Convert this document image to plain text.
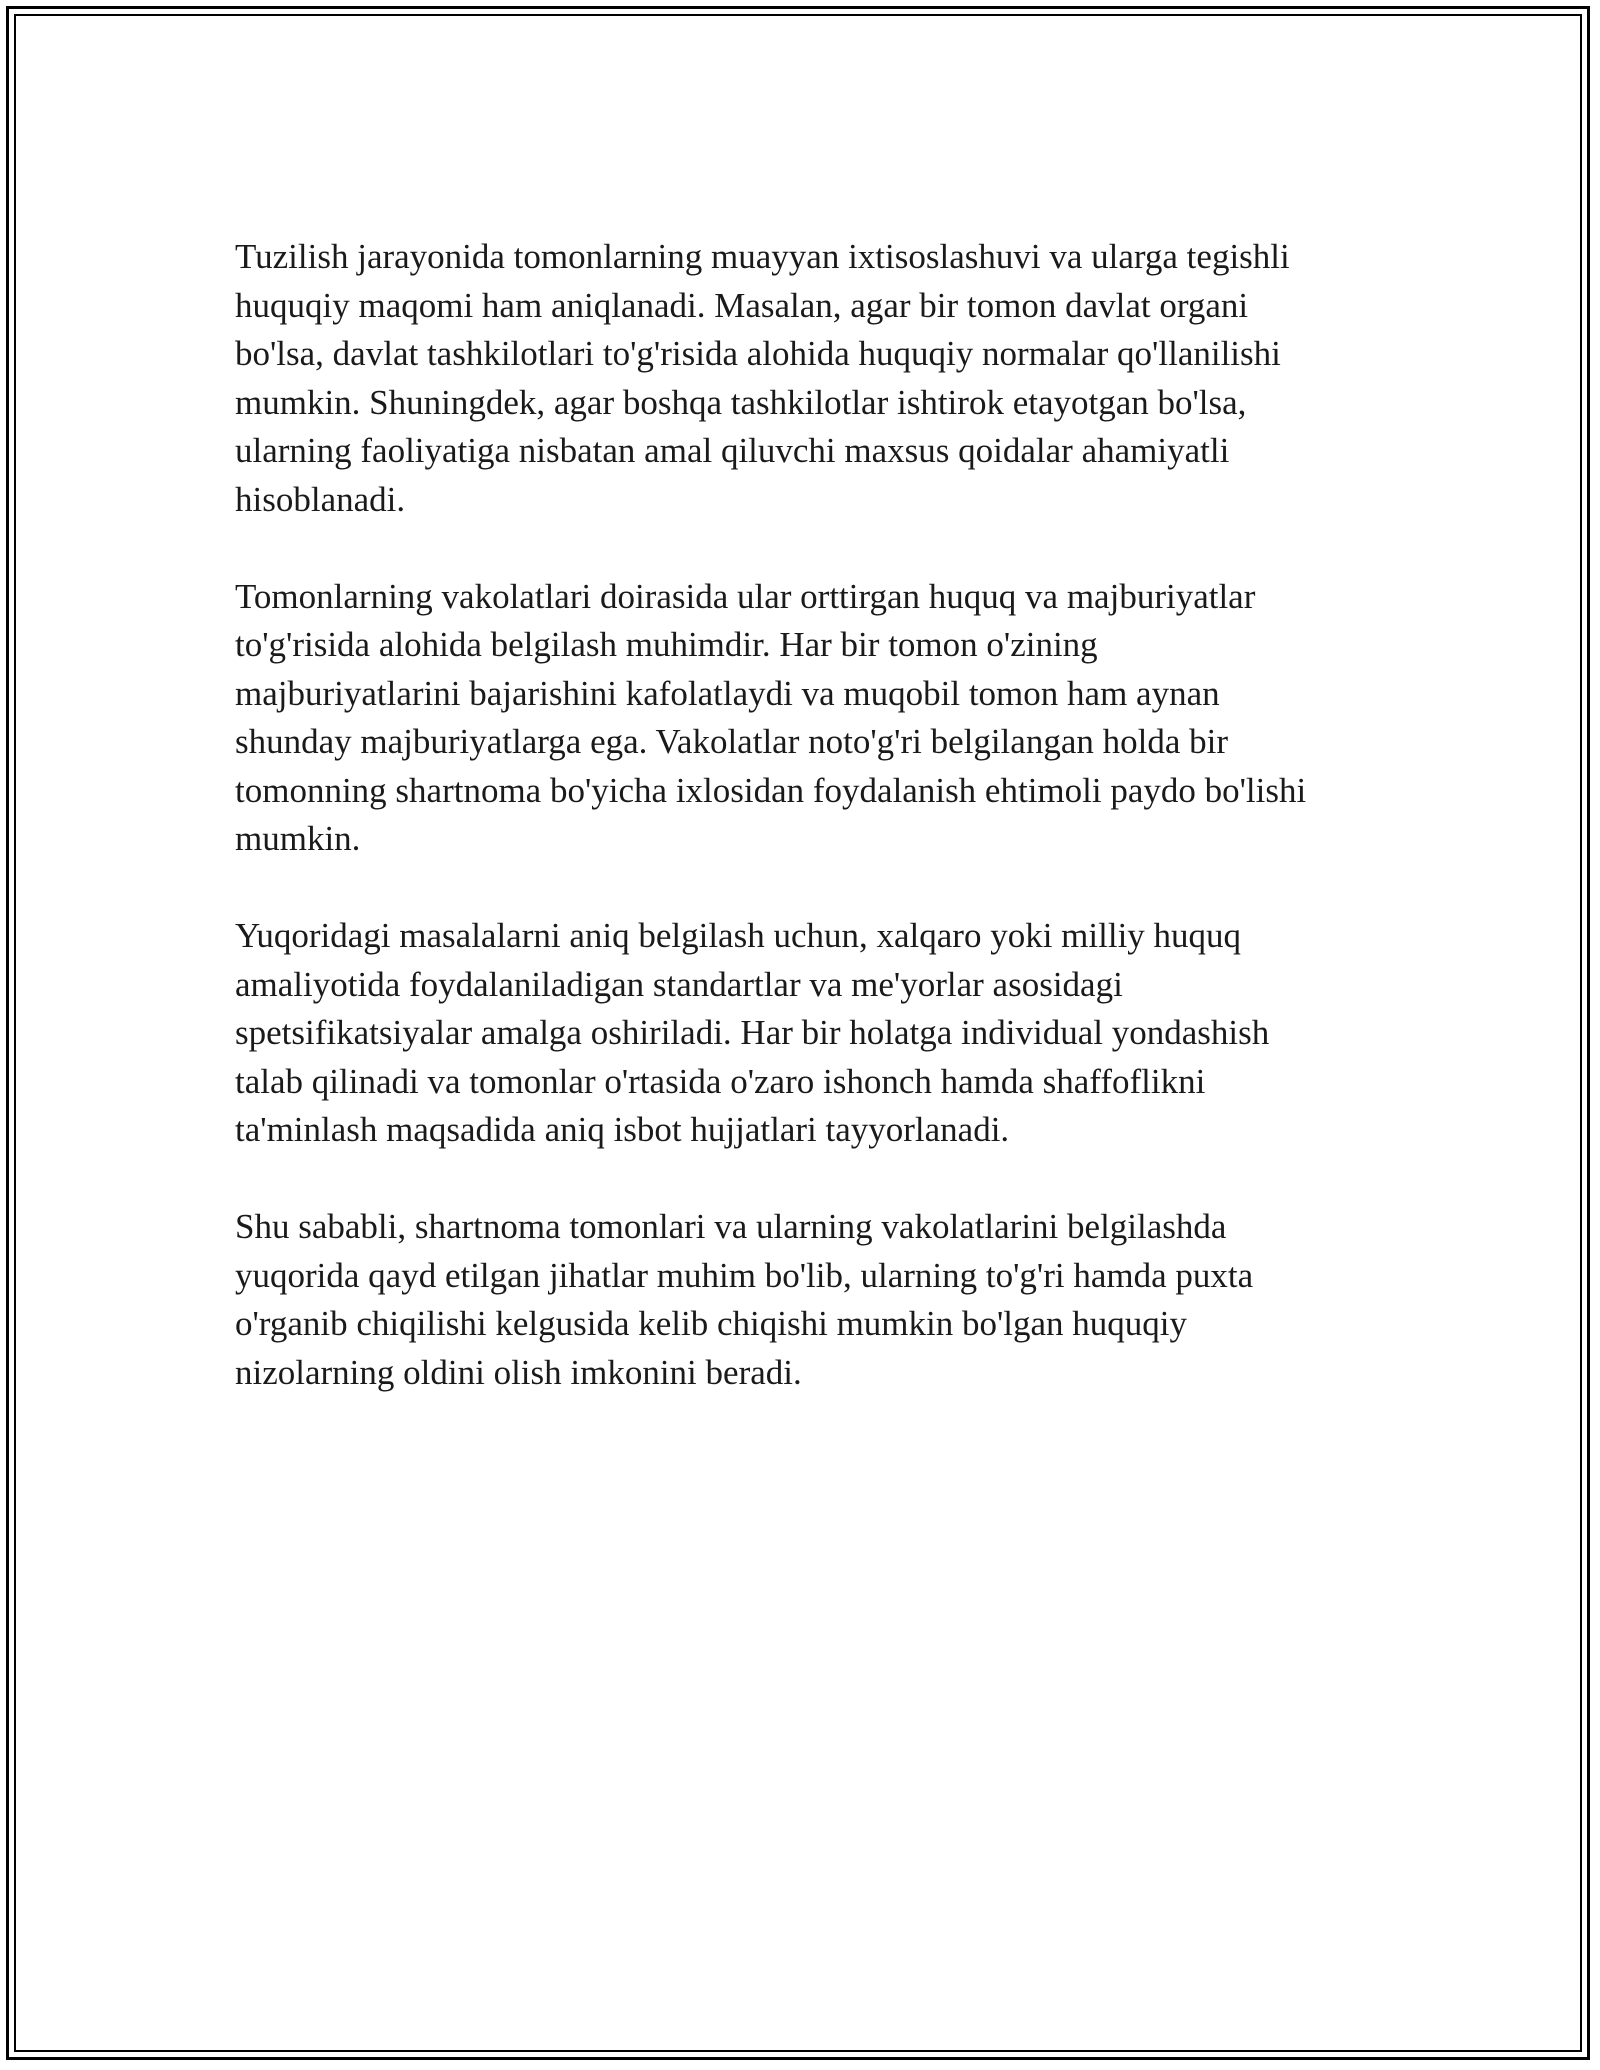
Tuzilish jarayonida tomonlarning muayyan ixtisoslashuvi va ularga tegishli
huquqiy maqomi ham aniqlanadi. Masalan, agar bir tomon davlat organi
bo'lsa, davlat tashkilotlari to'g'risida alohida huquqiy normalar qo'llanilishi
mumkin. Shuningdek, agar boshqa tashkilotlar ishtirok etayotgan bo'lsa,
ularning faoliyatiga nisbatan amal qiluvchi maxsus qoidalar ahamiyatli
hisoblanadi.

Tomonlarning vakolatlari doirasida ular orttirgan huquq va majburiyatlar
to'g'risida alohida belgilash muhimdir. Har bir tomon o'zining
majburiyatlarini bajarishini kafolatlaydi va muqobil tomon ham aynan
shunday majburiyatlarga ega. Vakolatlar noto'g'ri belgilangan holda bir
tomonning shartnoma bo'yicha ixlosidan foydalanish ehtimoli paydo bo'lishi
mumkin.

Yuqoridagi masalalarni aniq belgilash uchun, xalqaro yoki milliy huquq
amaliyotida foydalaniladigan standartlar va me'yorlar asosidagi
spetsifikatsiyalar amalga oshiriladi. Har bir holatga individual yondashish
talab qilinadi va tomonlar o'rtasida o'zaro ishonch hamda shaffoflikni
ta'minlash maqsadida aniq isbot hujjatlari tayyorlanadi.

Shu sababli, shartnoma tomonlari va ularning vakolatlarini belgilashda
yuqorida qayd etilgan jihatlar muhim bo'lib, ularning to'g'ri hamda puxta
o'rganib chiqilishi kelgusida kelib chiqishi mumkin bo'lgan huquqiy
nizolarning oldini olish imkonini beradi.
